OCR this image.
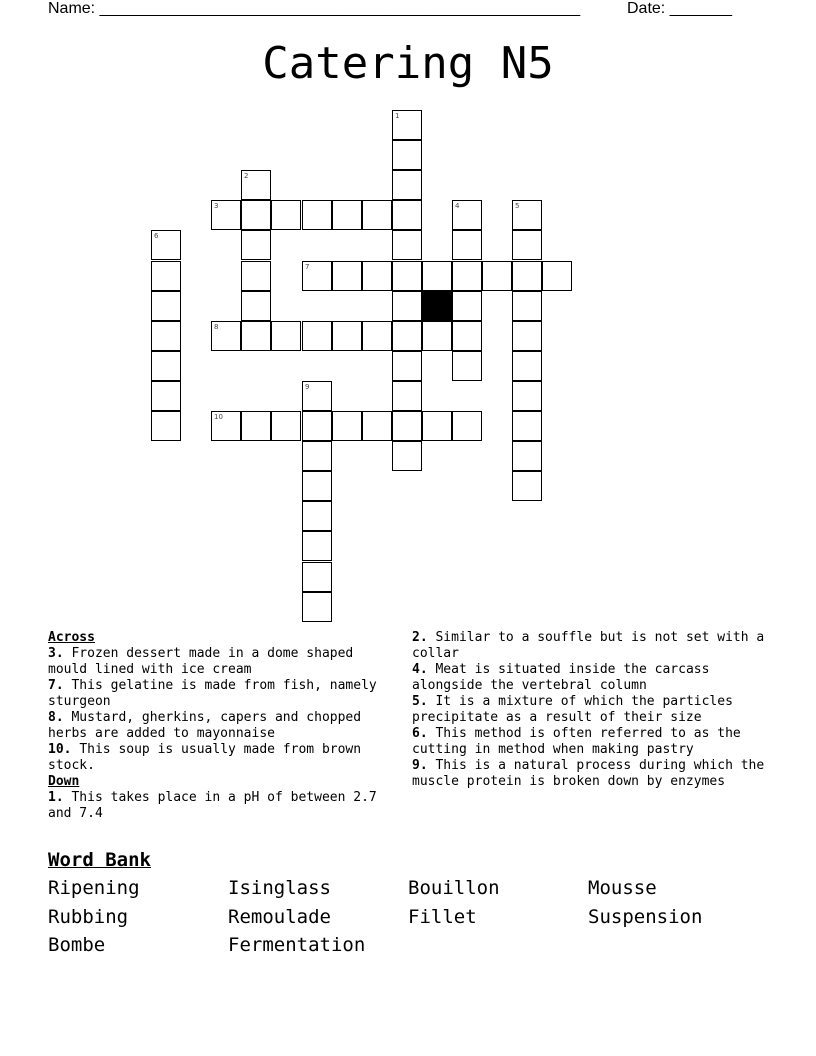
Name: ______________________________________________________	Date: _______
Catering N5
1
2
4	5
6
9
3
7
8
10
Across
3. Frozen dessert made in a dome shaped mould lined with ice cream
7. This gelatine is made from fish, namely sturgeon
8. Mustard, gherkins, capers and chopped herbs are added to mayonnaise
10. This soup is usually made from brown stock.
Down
1. This takes place in a pH of between 2.7 and 7.4
2. Similar to a souffle but is not set with a collar
4. Meat is situated inside the carcass alongside the vertebral column
5. It is a mixture of which the particles precipitate as a result of their size
6. This method is often referred to as the cutting in method when making pastry
9. This is a natural process during which the muscle protein is broken down by enzymes
Word Bank
Ripening	Isinglass	Bouillon	Mousse
Rubbing	Remoulade	Fillet	Suspension
Bombe	Fermentation
